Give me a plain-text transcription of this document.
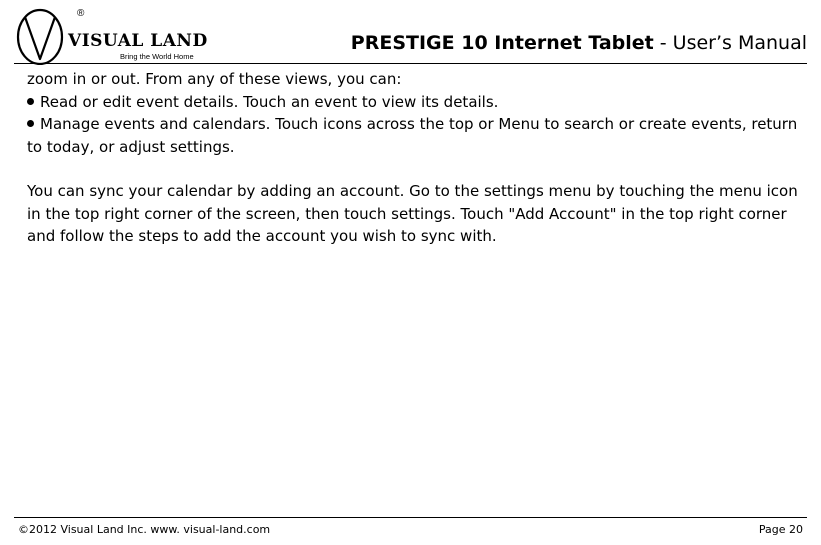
®
VISUAL LAND
Bring the World Home
PRESTIGE 10 Internet Tablet - User’s Manual

zoom in or out. From any of these views, you can:

Read or edit event details. Touch an event to view its details.

Manage events and calendars. Touch icons across the top or Menu to search or create events, return to today, or adjust settings.

You can sync your calendar by adding an account. Go to the settings menu by touching the menu icon in the top right corner of the screen, then touch settings. Touch "Add Account" in the top right corner and follow the steps to add the account you wish to sync with.

©2012 Visual Land Inc. www. visual-land.com	Page 20
